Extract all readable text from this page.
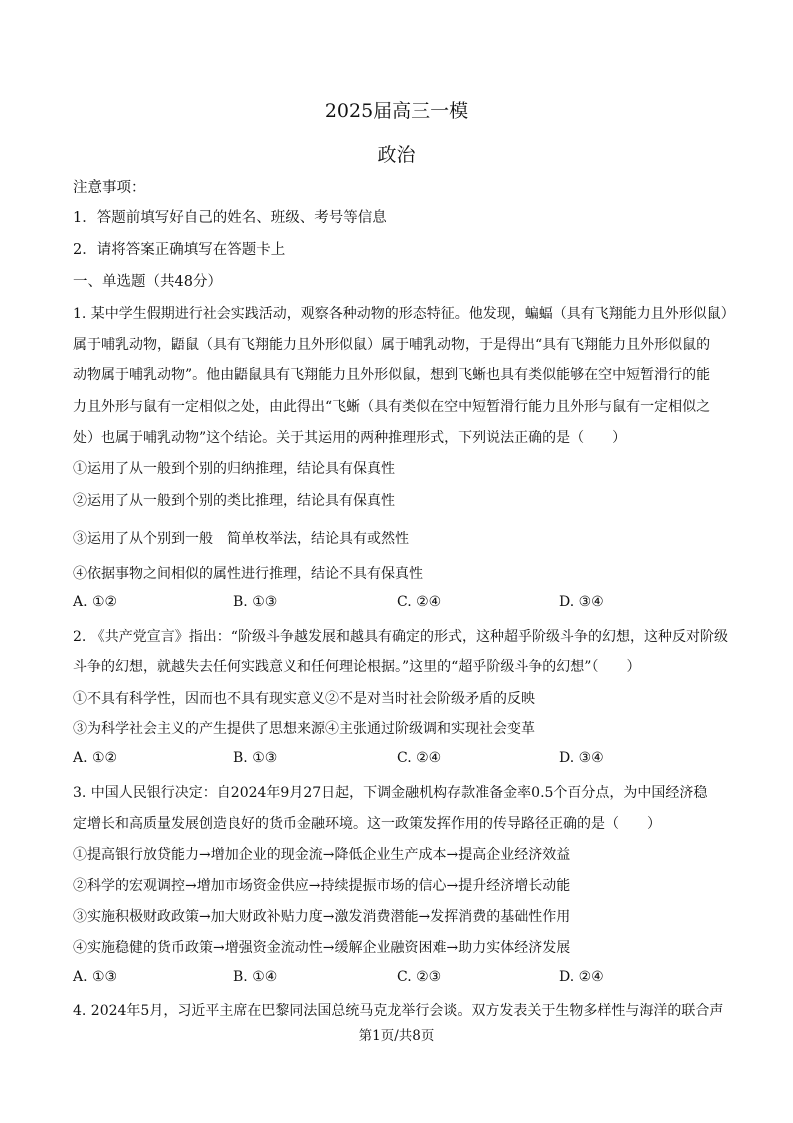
2025届高三一模
政治
注意事项：
1．答题前填写好自己的姓名、班级、考号等信息
2．请将答案正确填写在答题卡上
一、单选题（共48分）
1. 某中学生假期进行社会实践活动，观察各种动物的形态特征。他发现，蝙蝠（具有飞翔能力且外形似鼠）
属于哺乳动物，鼯鼠（具有飞翔能力且外形似鼠）属于哺乳动物，于是得出“具有飞翔能力且外形似鼠的
动物属于哺乳动物”。他由鼯鼠具有飞翔能力且外形似鼠，想到飞蜥也具有类似能够在空中短暂滑行的能
力且外形与鼠有一定相似之处，由此得出“飞蜥（具有类似在空中短暂滑行能力且外形与鼠有一定相似之
处）也属于哺乳动物”这个结论。关于其运用的两种推理形式，下列说法正确的是（　　）
①运用了从一般到个别的归纳推理，结论具有保真性
②运用了从一般到个别的类比推理，结论具有保真性
③运用了从个别到一般　简单枚举法，结论具有或然性
④依据事物之间相似的属性进行推理，结论不具有保真性
A. ①②	B. ①③	C. ②④	D. ③④
2. 《共产党宣言》指出：“阶级斗争越发展和越具有确定的形式，这种超乎阶级斗争的幻想，这种反对阶级
斗争的幻想，就越失去任何实践意义和任何理论根据。”这里的“超乎阶级斗争的幻想”（　　）
①不具有科学性，因而也不具有现实意义②不是对当时社会阶级矛盾的反映
③为科学社会主义的产生提供了思想来源④主张通过阶级调和实现社会变革
A. ①②	B. ①③	C. ②④	D. ③④
3. 中国人民银行决定：自2024年9月27日起，下调金融机构存款准备金率0.5个百分点，为中国经济稳
定增长和高质量发展创造良好的货币金融环境。这一政策发挥作用的传导路径正确的是（　　）
①提高银行放贷能力→增加企业的现金流→降低企业生产成本→提高企业经济效益
②科学的宏观调控→增加市场资金供应→持续提振市场的信心→提升经济增长动能
③实施积极财政政策→加大财政补贴力度→激发消费潜能→发挥消费的基础性作用
④实施稳健的货币政策→增强资金流动性→缓解企业融资困难→助力实体经济发展
A. ①③	B. ①④	C. ②③	D. ②④
4. 2024年5月，习近平主席在巴黎同法国总统马克龙举行会谈。双方发表关于生物多样性与海洋的联合声
第1页/共8页
